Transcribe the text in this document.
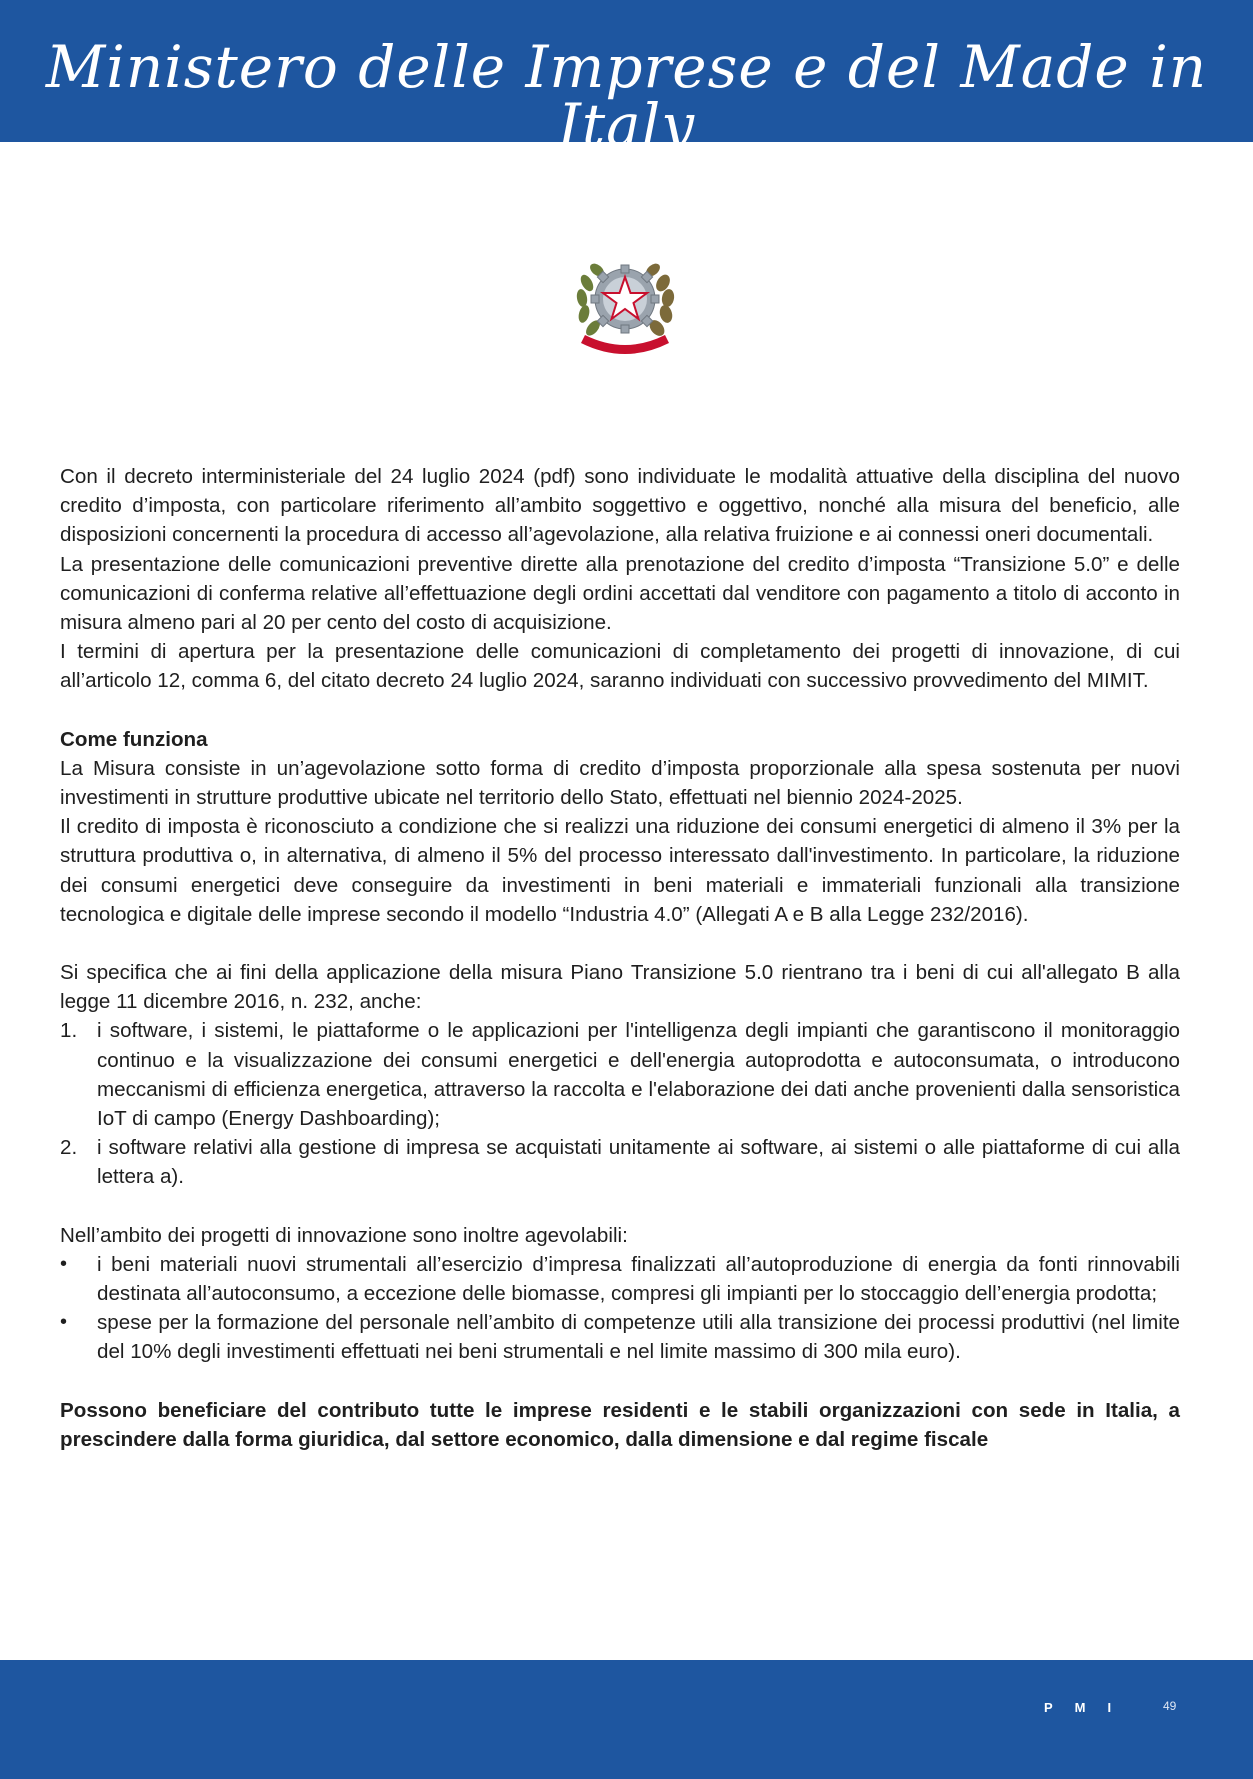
Ministero delle Imprese e del Made in Italy

Con il decreto interministeriale del 24 luglio 2024 (pdf) sono individuate le modalità attuative della disciplina del nuovo credito d’imposta, con particolare riferimento all’ambito soggettivo e oggettivo, nonché alla misura del beneficio, alle disposizioni concernenti la procedura di accesso all’agevolazione, alla relativa fruizione e ai connessi oneri documentali.

La presentazione delle comunicazioni preventive dirette alla prenotazione del credito d’imposta “Transizione 5.0” e delle comunicazioni di conferma relative all’effettuazione degli ordini accettati dal venditore con pagamento a titolo di acconto in misura almeno pari al 20 per cento del costo di acquisizione.

I termini di apertura per la presentazione delle comunicazioni di completamento dei progetti di innovazione, di cui all’articolo 12, comma 6, del citato decreto 24 luglio 2024, saranno individuati con successivo provvedimento del MIMIT.

Come funziona

La Misura consiste in un’agevolazione sotto forma di credito d’imposta proporzionale alla spesa sostenuta per nuovi investimenti in strutture produttive ubicate nel territorio dello Stato, effettuati nel biennio 2024-2025.

Il credito di imposta è riconosciuto a condizione che si realizzi una riduzione dei consumi energetici di almeno il 3% per la struttura produttiva o, in alternativa, di almeno il 5% del processo interessato dall'investimento. In particolare, la riduzione dei consumi energetici deve conseguire da investimenti in beni materiali e immateriali funzionali alla transizione tecnologica e digitale delle imprese secondo il modello “Industria 4.0” (Allegati A e B alla Legge 232/2016).

Si specifica che ai fini della applicazione della misura Piano Transizione 5.0 rientrano tra i beni di cui all'allegato B alla legge 11 dicembre 2016, n. 232, anche:

1. i software, i sistemi, le piattaforme o le applicazioni per l'intelligenza degli impianti che garantiscono il monitoraggio continuo e la visualizzazione dei consumi energetici e dell'energia autoprodotta e autoconsumata, o introducono meccanismi di efficienza energetica, attraverso la raccolta e l'elaborazione dei dati anche provenienti dalla sensoristica IoT di campo (Energy Dashboarding);
2. i software relativi alla gestione di impresa se acquistati unitamente ai software, ai sistemi o alle piattaforme di cui alla lettera a).

Nell’ambito dei progetti di innovazione sono inoltre agevolabili:

•	i beni materiali nuovi strumentali all’esercizio d’impresa finalizzati all’autoproduzione di energia da fonti rinnovabili destinata all’autoconsumo, a eccezione delle biomasse, compresi gli impianti per lo stoccaggio dell’energia prodotta;
•	spese per la formazione del personale nell’ambito di competenze utili alla transizione dei processi produttivi (nel limite del 10% degli investimenti effettuati nei beni strumentali e nel limite massimo di 300 mila euro).

Possono beneficiare del contributo tutte le imprese residenti e le stabili organizzazioni con sede in Italia, a prescindere dalla forma giuridica, dal settore economico, dalla dimensione e dal regime fiscale

P M I	49
